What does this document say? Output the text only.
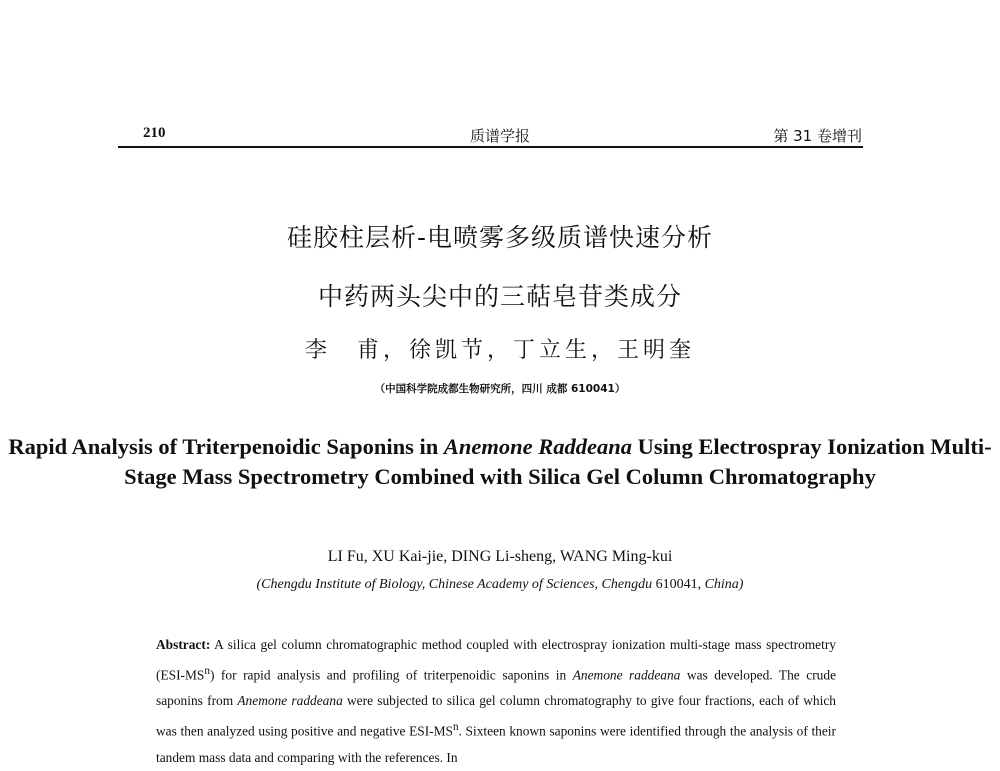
210	质谱学报	第 31 卷增刊
硅胶柱层析-电喷雾多级质谱快速分析
中药两头尖中的三萜皂苷类成分
李　甫，徐凯节，丁立生，王明奎
（中国科学院成都生物研究所，四川 成都 610041）
Rapid Analysis of Triterpenoidic Saponins in Anemone Raddeana Using Electrospray Ionization Multi-Stage Mass Spectrometry Combined with Silica Gel Column Chromatography
LI Fu, XU Kai-jie, DING Li-sheng, WANG Ming-kui
(Chengdu Institute of Biology, Chinese Academy of Sciences, Chengdu 610041, China)

Abstract: A silica gel column chromatographic method coupled with electrospray ionization multi-stage mass spectrometry $(ESI-MS^n)$ for rapid analysis and profiling of triterpenoidic saponins in Anemone raddeana was developed. The crude saponins from Anemone raddeana were subjected to silica gel column chromatography to give four fractions, each of which was then analyzed using positive and negative ESI-$MS^n$. Sixteen known saponins were identified through the analysis of their tandem mass data and comparing with the references. In
